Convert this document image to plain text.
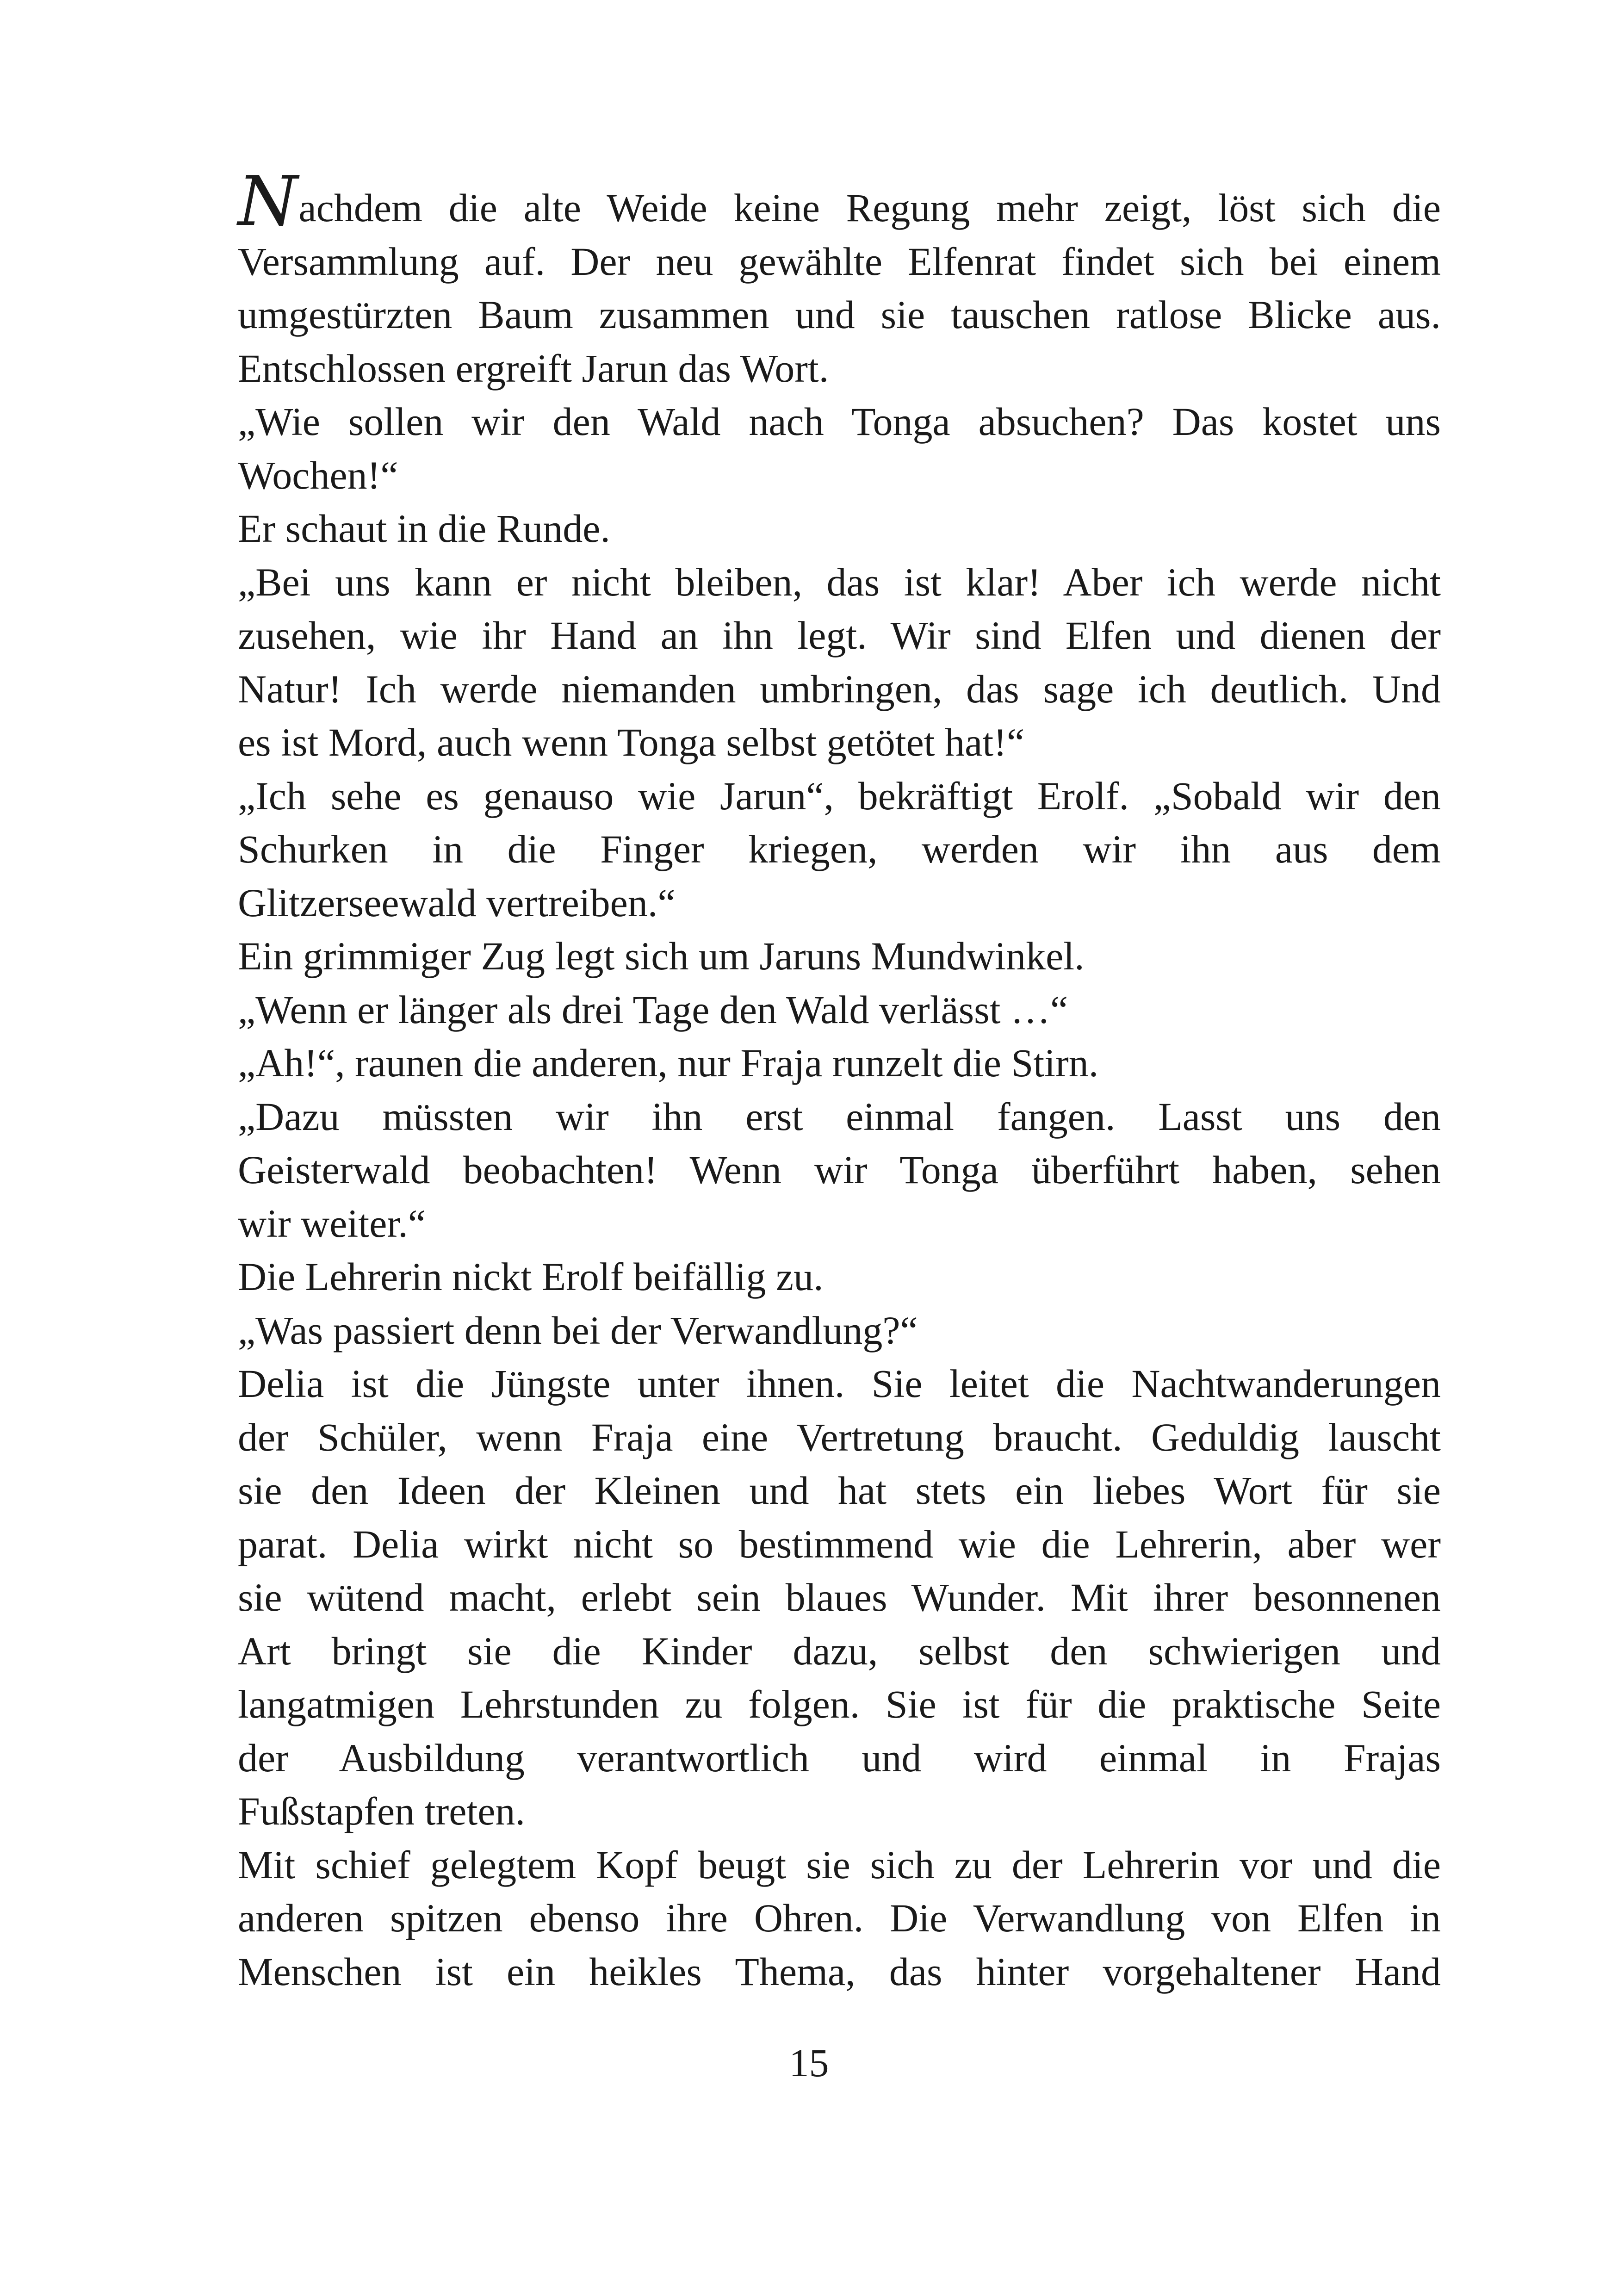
Nachdem die alte Weide keine Regung mehr zeigt, löst sich die
Versammlung auf. Der neu gewählte Elfenrat findet sich bei einem
umgestürzten Baum zusammen und sie tauschen ratlose Blicke aus.
Entschlossen ergreift Jarun das Wort.
„Wie sollen wir den Wald nach Tonga absuchen? Das kostet uns
Wochen!“
Er schaut in die Runde.
„Bei uns kann er nicht bleiben, das ist klar! Aber ich werde nicht
zusehen, wie ihr Hand an ihn legt. Wir sind Elfen und dienen der
Natur! Ich werde niemanden umbringen, das sage ich deutlich. Und
es ist Mord, auch wenn Tonga selbst getötet hat!“
„Ich sehe es genauso wie Jarun“, bekräftigt Erolf. „Sobald wir den
Schurken in die Finger kriegen, werden wir ihn aus dem
Glitzerseewald vertreiben.“
Ein grimmiger Zug legt sich um Jaruns Mundwinkel.
„Wenn er länger als drei Tage den Wald verlässt …“
„Ah!“, raunen die anderen, nur Fraja runzelt die Stirn.
„Dazu müssten wir ihn erst einmal fangen. Lasst uns den
Geisterwald beobachten! Wenn wir Tonga überführt haben, sehen
wir weiter.“
Die Lehrerin nickt Erolf beifällig zu.
„Was passiert denn bei der Verwandlung?“
Delia ist die Jüngste unter ihnen. Sie leitet die Nachtwanderungen
der Schüler, wenn Fraja eine Vertretung braucht. Geduldig lauscht
sie den Ideen der Kleinen und hat stets ein liebes Wort für sie
parat. Delia wirkt nicht so bestimmend wie die Lehrerin, aber wer
sie wütend macht, erlebt sein blaues Wunder. Mit ihrer besonnenen
Art bringt sie die Kinder dazu, selbst den schwierigen und
langatmigen Lehrstunden zu folgen. Sie ist für die praktische Seite
der Ausbildung verantwortlich und wird einmal in Frajas
Fußstapfen treten.
Mit schief gelegtem Kopf beugt sie sich zu der Lehrerin vor und die
anderen spitzen ebenso ihre Ohren. Die Verwandlung von Elfen in
Menschen ist ein heikles Thema, das hinter vorgehaltener Hand
15
